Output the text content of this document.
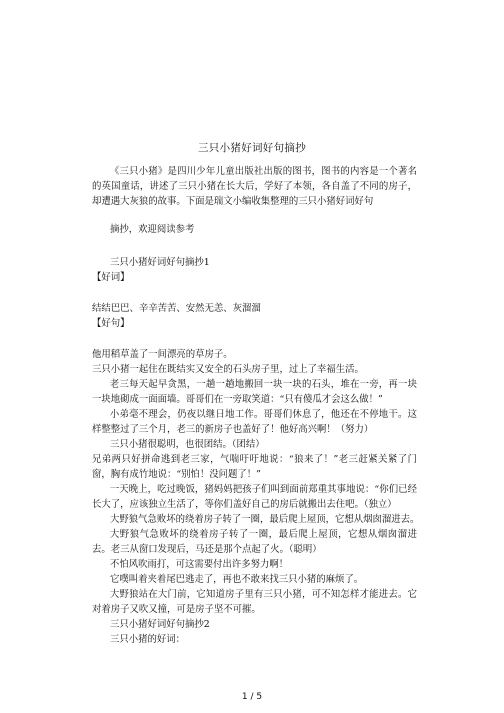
三只小猪好词好句摘抄
《三只小猪》是四川少年儿童出版社出版的图书，图书的内容是一个著名的英国童话，讲述了三只小猪在长大后，学好了本领，各自盖了不同的房子，却遭遇大灰狼的故事。下面是瑞文小编收集整理的三只小猪好词好句
摘抄，欢迎阅读参考
三只小猪好词好句摘抄1
【好词】
结结巴巴、辛辛苦苦、安然无恙、灰溜溜
【好句】
他用稻草盖了一间漂亮的草房子。
三只小猪一起住在既结实又安全的石头房子里，过上了幸福生活。
老三每天起早贪黑，一趟一趟地搬回一块一块的石头，堆在一旁，再一块一块地砌成一面面墙。哥哥们在一旁取笑道：“只有傻瓜才会这么做！”
小弟毫不理会，仍夜以继日地工作。哥哥们休息了，他还在不停地干。这样整整过了三个月，老三的新房子也盖好了！他好高兴啊！（努力）
三只小猪很聪明，也很团结。（团结）
兄弟两只好拼命逃到老三家，气喘吁吁地说：“狼来了！”老三赶紧关紧了门窗，胸有成竹地说：“别怕！没问题了！”
一天晚上，吃过晚饭，猪妈妈把孩子们叫到面前郑重其事地说：“你们已经长大了，应该独立生活了，等你们盖好自己的房后就搬出去住吧。（独立）
大野狼气急败坏的绕着房子转了一圈，最后爬上屋顶，它想从烟囱溜进去。
大野狼气急败坏的绕着房子转了一圈，最后爬上屋顶，它想从烟囱溜进去。老三从窗口发现后，马还是那个点起了火。（聪明）
不怕风吹雨打，可这需要付出许多努力啊！
它噗叫着夹着尾巴逃走了，再也不敢来找三只小猪的麻烦了。
大野狼站在大门前，它知道房子里有三只小猪，可不知怎样才能进去。它对着房子又吹又撞，可是房子坚不可摧。
三只小猪好词好句摘抄2
三只小猪的好词：
1 / 5
